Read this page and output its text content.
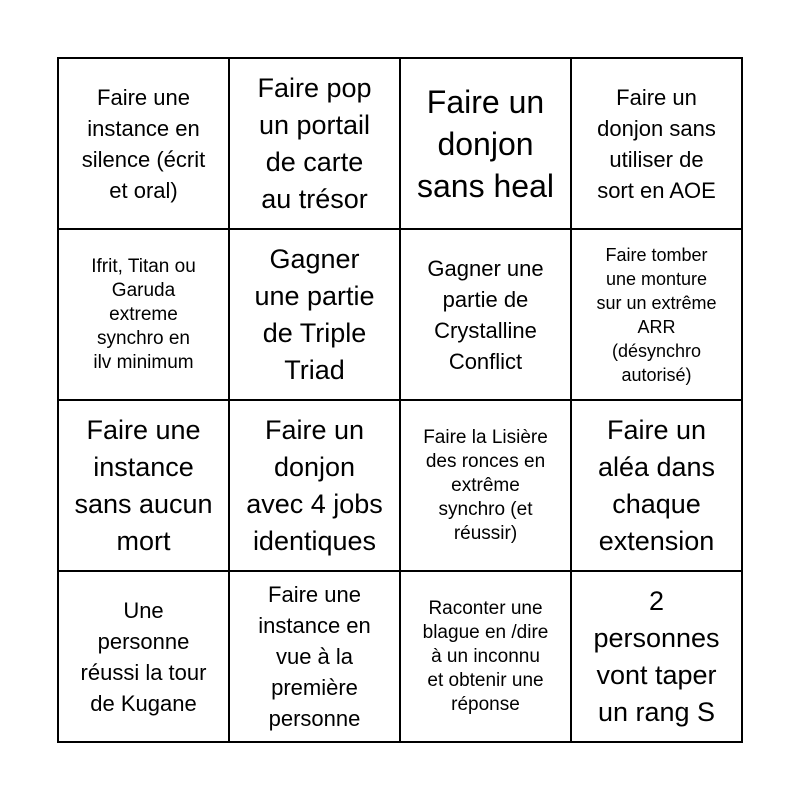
Faire une
instance en
silence (écrit
et oral)
Faire pop
un portail
de carte
au trésor
Faire un
donjon
sans heal
Faire un
donjon sans
utiliser de
sort en AOE
Ifrit, Titan ou
Garuda
extreme
synchro en
ilv minimum
Gagner
une partie
de Triple
Triad
Gagner une
partie de
Crystalline
Conflict
Faire tomber
une monture
sur un extrême
ARR
(désynchro
autorisé)
Faire une
instance
sans aucun
mort
Faire un
donjon
avec 4 jobs
identiques
Faire la Lisière
des ronces en
extrême
synchro (et
réussir)
Faire un
aléa dans
chaque
extension
Une
personne
réussi la tour
de Kugane
Faire une
instance en
vue à la
première
personne
Raconter une
blague en /dire
à un inconnu
et obtenir une
réponse
2
personnes
vont taper
un rang S
